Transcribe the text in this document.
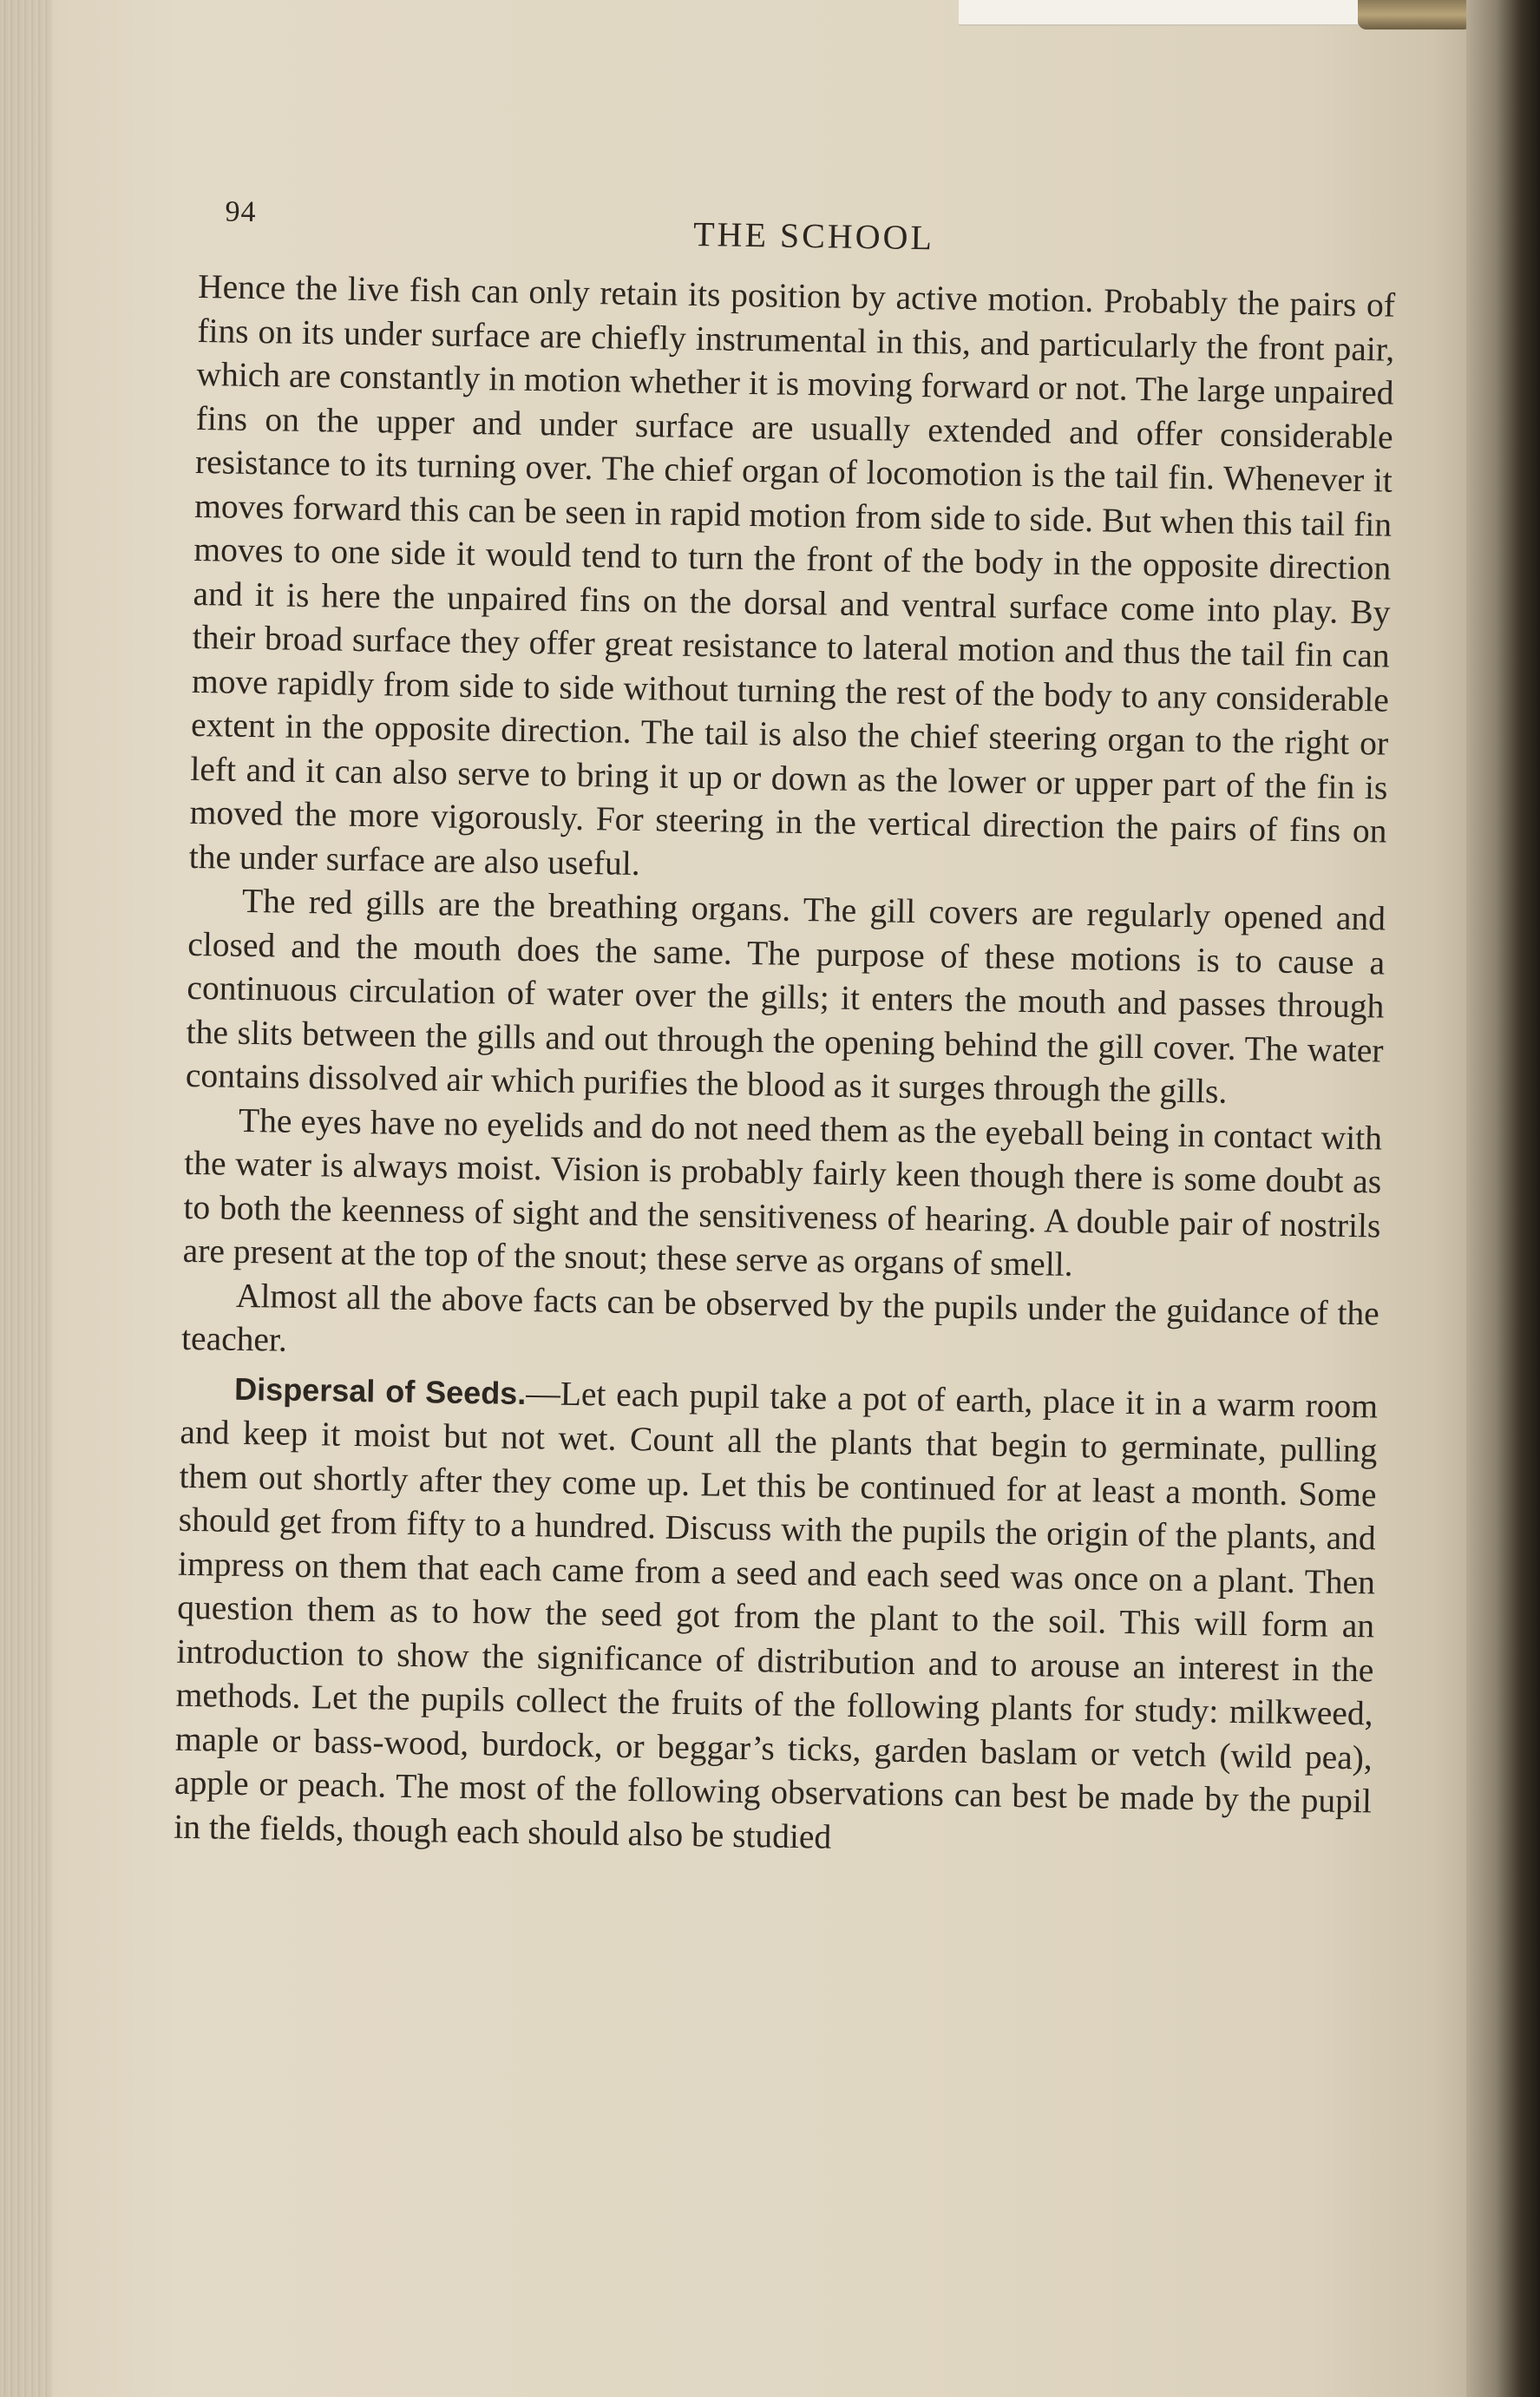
94
THE SCHOOL

Hence the live fish can only retain its position by active motion. Probably the pairs of fins on its under surface are chiefly instrumental in this, and particularly the front pair, which are constantly in motion whether it is moving forward or not. The large unpaired fins on the upper and under surface are usually extended and offer considerable resistance to its turning over. The chief organ of locomotion is the tail fin. Whenever it moves forward this can be seen in rapid motion from side to side. But when this tail fin moves to one side it would tend to turn the front of the body in the opposite direction and it is here the unpaired fins on the dorsal and ventral surface come into play. By their broad surface they offer great resistance to lateral motion and thus the tail fin can move rapidly from side to side without turning the rest of the body to any considerable extent in the opposite direction. The tail is also the chief steering organ to the right or left and it can also serve to bring it up or down as the lower or upper part of the fin is moved the more vigorously. For steering in the vertical direction the pairs of fins on the under surface are also useful.

The red gills are the breathing organs. The gill covers are regularly opened and closed and the mouth does the same. The purpose of these motions is to cause a continuous circulation of water over the gills; it enters the mouth and passes through the slits between the gills and out through the opening behind the gill cover. The water contains dissolved air which purifies the blood as it surges through the gills.

The eyes have no eyelids and do not need them as the eyeball being in contact with the water is always moist. Vision is probably fairly keen though there is some doubt as to both the keenness of sight and the sensitiveness of hearing. A double pair of nostrils are present at the top of the snout; these serve as organs of smell.

Almost all the above facts can be observed by the pupils under the guidance of the teacher.

Dispersal of Seeds.—Let each pupil take a pot of earth, place it in a warm room and keep it moist but not wet. Count all the plants that begin to germinate, pulling them out shortly after they come up. Let this be continued for at least a month. Some should get from fifty to a hundred. Discuss with the pupils the origin of the plants, and impress on them that each came from a seed and each seed was once on a plant. Then question them as to how the seed got from the plant to the soil. This will form an introduction to show the significance of distribution and to arouse an interest in the methods. Let the pupils collect the fruits of the following plants for study: milkweed, maple or bass-wood, burdock, or beggar’s ticks, garden baslam or vetch (wild pea), apple or peach. The most of the following observations can best be made by the pupil in the fields, though each should also be studied
